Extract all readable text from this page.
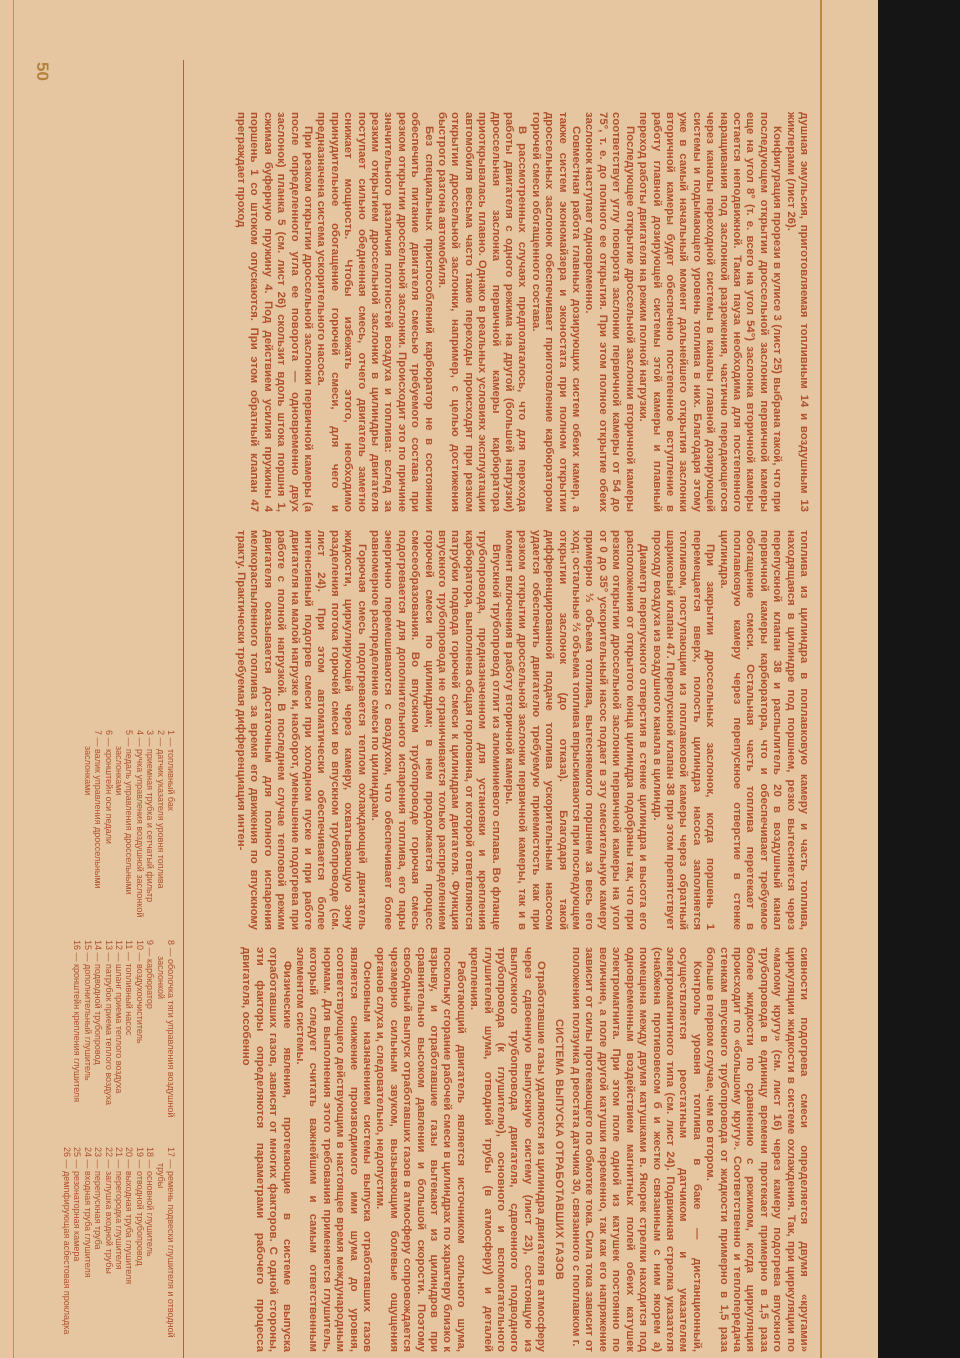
50

душная эмульсия, приготовляемая топливным 14 и воздушным 13 жиклерами (лист 26).

Конфигурация прорези в кулисе 3 (лист 25) выбрана такой, что при последующем открытии дроссельной заслонки первичной камеры еще на угол 8° (т. е. всего на угол 54°) заслонка вторичной камеры остается неподвижной. Такая пауза необходима для постепенного наращивания под заслонкой разрежения, частично передающегося через каналы переходной системы в каналы главной дозирующей системы и подымающего уровень топлива в них. Благодаря этому уже в самый начальный момент дальнейшего открытия заслонки вторичной камеры будет обеспечено постепенное вступление в работу главной дозирующей системы этой камеры и плавный переход работы двигателя на режим полной нагрузки.

Последующее открытие дроссельной заслонки вторичной камеры соответствует углу поворота заслонки первичной камеры от 54 до 75°, т. е. до полного ее открытия. При этом полное открытие обеих заслонок наступает одновременно.

Совместная работа главных дозирующих систем обеих камер, а также систем экономайзера и эконостата при полном открытии дроссельных заслонок обеспечивает приготовление карбюратором горючей смеси обогащенного состава.

В рассмотренных случаях предполагалось, что для перехода работы двигателя с одного режима на другой (большей нагрузки) дроссельная заслонка первичной камеры карбюратора приоткрывалась плавно. Однако в реальных условиях эксплуатации автомобиля весьма часто такие переходы происходят при резком открытии дроссельной заслонки, например, с целью достижения быстрого разгона автомобиля.

Без специальных приспособлений карбюратор не в состоянии обеспечить питание двигателя смесью требуемого состава при резком открытии дроссельной заслонки. Происходит это по причине значительного различия плотностей воздуха и топлива: вслед за резким открытием дроссельной заслонки в цилиндры двигателя поступает сильно обедненная смесь, отчего двигатель заметно снижает мощность. Чтобы избежать этого, необходимо принудительное обогащение горючей смеси, для чего и предназначена система ускорительного насоса.

При резком открытии дроссельной заслонки первичной камеры (а после определенного угла ее поворота — одновременно двух заслонок) планка 5 (см. лист 26) скользит вдоль штока поршня 1, сжимая буферную пружину 4. Под действием усилия пружины 4 поршень 1 со штоком опускаются. При этом обратный клапан 47 преграждает проход

топлива из цилиндра в поплавковую камеру и часть топлива, находящаяся в цилиндре под поршнем, резко вытесняется через перепускной клапан 38 и распылитель 20 в воздушный канал первичной камеры карбюратора, что и обеспечивает требуемое обогащение смеси. Остальная часть топлива перетекает в поплавковую камеру через перепускное отверстие в стенке цилиндра.

При закрытии дроссельных заслонок, когда поршень 1 перемещается вверх, полость цилиндра насоса заполняется топливом, поступающим из поплавковой камеры через обратный шариковый клапан 47. Перепускной клапан 38 при этом препятствует проходу воздуха из воздушного канала в цилиндр.

Диаметр перепускного отверстия в стенке цилиндра и высота его расположения от открытого конца цилиндра подобраны так, что при резком открытии дроссельной заслонки первичной камеры на угол от 0 до 35° ускорительный насос подает в эту смесительную камеру примерно ⅓ объема топлива, вытесняемого поршнем за весь его ход; остальные ⅔ объема топлива впрыскиваются при последующем открытии заслонок (до отказа). Благодаря такой дифференцированной подаче топлива ускорительным насосом удается обеспечить двигателю требуемую приемистость как при резком открытии дроссельной заслонки первичной камеры, так и в момент включения в работу вторичной камеры.

Впускной трубопровод отлит из алюминиевого сплава. Во фланце трубопровода, предназначенном для установки и крепления карбюратора, выполнена общая горловина, от которой ответвляются патрубки подвода горючей смеси к цилиндрам двигателя. Функция впускного трубопровода не ограничивается только распределением горючей смеси по цилиндрам; в нем продолжается процесс смесеобразования. Во впускном трубопроводе горючая смесь подогревается для дополнительного испарения топлива, его пары энергично перемешиваются с воздухом, что обеспечивает более равномерное распределение смеси по цилиндрам.

Горючая смесь подогревается теплом охлаждающей двигатель жидкости, циркулирующей через камеру, охватывающую зону разделения потока горючей смеси во впускном трубопроводе (см. лист 24). При этом автоматически обеспечивается более интенсивный подогрев смеси при холодном пуске и при работе двигателя на малой нагрузке и, наоборот, уменьшение подогрева при работе с полной нагрузкой. В последнем случае тепловой режим двигателя оказывается достаточным для полного испарения мелкораспыленного топлива за время его движения по впускному тракту. Практически требуемая дифференциация интен-

сивности подогрева смеси определяется двумя «кругами» циркуляции жидкости в системе охлаждения. Так, при циркуляции по «малому кругу» (см. лист 16) через камеру подогрева впускного трубопровода в единицу времени протекает примерно в 1,5 раза более жидкости по сравнению с режимом, когда циркуляция происходит по «большому кругу». Соответственно и теплопередача стенкам впускного трубопровода от жидкости примерно в 1,5 раза больше в первом случае, чем во втором.

Контроль уровня топлива в баке — дистанционный, осуществляется реостатным датчиком и указателем электромагнитного типа (см. лист 24). Подвижная стрелка указателя (снабжена противовесом б и жестко связанным с ним якорем а) помещена между двумя катушками в. Якорек стрелки находится под одновременным воздействием магнитных полей обеих катушек электромагнита. При этом поле одной из катушек постоянно по величине, а поле другой катушки переменно, так как его напряжение зависит от силы протекающего по обмотке тока. Сила тока зависит от положения ползунка д реостата датчика 30, связанного с поплавком г.

СИСТЕМА ВЫПУСКА ОТРАБОТАВШИХ ГАЗОВ

Отработавшие газы удаляются из цилиндра двигателя в атмосферу через сдвоенную выпускную систему (лист 23), состоящую из выпускного трубопровода двигателя, сдвоенного подводного трубопровода (к глушителю), основного и вспомогательного глушителей шума, отводной трубы (в атмосферу) и деталей крепления.

Работающий двигатель является источником сильного шума, поскольку сгорание рабочей смеси в цилиндрах по характеру близко к взрыву, и отработавшие газы вытекают из цилиндров при сравнительно высоком давлении и большой скорости. Поэтому свободный выпуск отработавших газов в атмосферу сопровождается чрезмерно сильным звуком, вызывающим болевые ощущения органов слуха и, следовательно, недопустим.

Основным назначением системы выпуска отработавших газов является снижение производимого ими шума до уровня, соответствующего действующим в настоящее время международным нормам. Для выполнения этого требования применяется глушитель, который следует считать важнейшим и самым ответственным элементом системы.

Физические явления, протекающие в системе выпуска отработавших газов, зависят от многих факторов. С одной стороны, эти факторы определяются параметрами рабочего процесса двигателя, особенно

1 — топливный бак
2 — датчик указателя уровня топлива
3 — приемная трубка и сетчатый фильтр
4 — ручка управления воздушной заслонкой
5 — педаль управления дроссельными заслонками
6 — кронштейн оси педали
7 — валик управления дроссельными заслонками
8 — оболочка тяги управления воздушной заслонкой
9 — карбюратор
10 — воздухоочиститель
11 — топливный насос
12 — шланг приема теплого воздуха
13 — патрубок приема теплого воздуха
14 — подводной трубопровод
15 — дополнительный глушитель
16 — кронштейн крепления глушителя
17 — ремень подвески глушителя и отводной трубы
18 — основной глушитель
19 — отводной трубопровод
20 — выходная труба глушителя
21 — перегородка глушителя
22 — заглушка входной трубы
23 — перепускная труба
24 — входная труба глушителя
25 — резонаторная камера
26 — демпфирующая асбестовая прокладка
